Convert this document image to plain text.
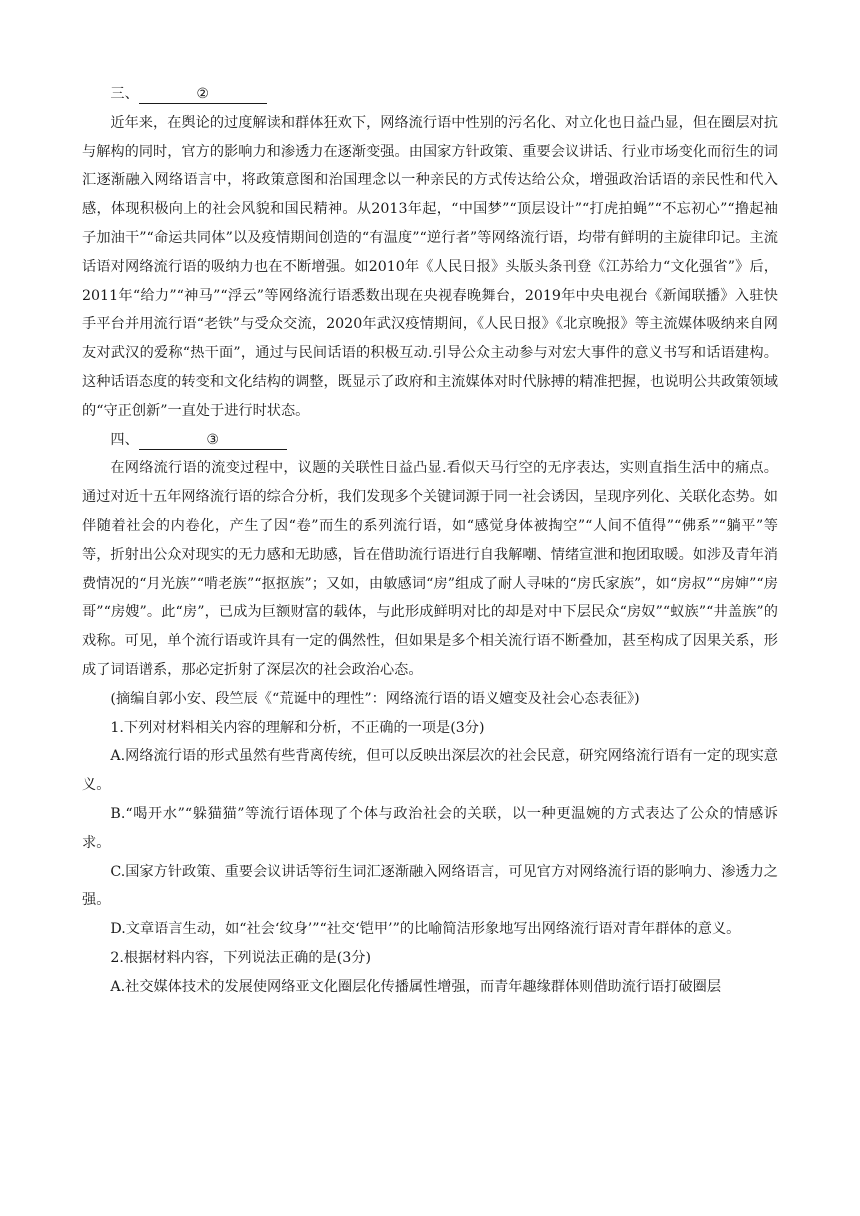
三、	②

近年来，在舆论的过度解读和群体狂欢下，网络流行语中性别的污名化、对立化也日益凸显，但在圈层对抗与解构的同时，官方的影响力和渗透力在逐渐变强。由国家方针政策、重要会议讲话、行业市场变化而衍生的词汇逐渐融入网络语言中，将政策意图和治国理念以一种亲民的方式传达给公众，增强政治话语的亲民性和代入感，体现积极向上的社会风貌和国民精神。从2013年起，“中国梦”“顶层设计”“打虎拍蝇”“不忘初心”“撸起袖子加油干”“命运共同体”以及疫情期间创造的“有温度”“逆行者”等网络流行语，均带有鲜明的主旋律印记。主流话语对网络流行语的吸纳力也在不断增强。如2010年《人民日报》头版头条刊登《江苏给力“文化强省”》后，2011年“给力”“神马”“浮云”等网络流行语悉数出现在央视春晚舞台，2019年中央电视台《新闻联播》入驻快手平台并用流行语“老铁”与受众交流，2020年武汉疫情期间，《人民日报》《北京晚报》等主流媒体吸纳来自网友对武汉的爱称“热干面”，通过与民间话语的积极互动.引导公众主动参与对宏大事件的意义书写和话语建构。这种话语态度的转变和文化结构的调整，既显示了政府和主流媒体对时代脉搏的精准把握，也说明公共政策领域的“守正创新”一直处于进行时状态。

四、	③

在网络流行语的流变过程中，议题的关联性日益凸显.看似天马行空的无序表达，实则直指生活中的痛点。通过对近十五年网络流行语的综合分析，我们发现多个关键词源于同一社会诱因，呈现序列化、关联化态势。如伴随着社会的内卷化，产生了因“卷”而生的系列流行语，如“感觉身体被掏空”“人间不值得”“佛系”“躺平”等等，折射出公众对现实的无力感和无助感，旨在借助流行语进行自我解嘲、情绪宣泄和抱团取暖。如涉及青年消费情况的“月光族”“啃老族”“抠抠族”；又如，由敏感词“房”组成了耐人寻味的“房氏家族”，如“房叔”“房婶”“房哥”“房嫂”。此“房”，已成为巨额财富的载体，与此形成鲜明对比的却是对中下层民众“房奴”“蚁族”“井盖族”的戏称。可见，单个流行语或许具有一定的偶然性，但如果是多个相关流行语不断叠加，甚至构成了因果关系，形成了词语谱系，那必定折射了深层次的社会政治心态。

(摘编自郭小安、段竺辰《“荒诞中的理性”：网络流行语的语义嬗变及社会心态表征》)

1.下列对材料相关内容的理解和分析，不正确的一项是(3分)

A.网络流行语的形式虽然有些背离传统，但可以反映出深层次的社会民意，研究网络流行语有一定的现实意义。

B.“喝开水”“躲猫猫”等流行语体现了个体与政治社会的关联，以一种更温婉的方式表达了公众的情感诉求。

C.国家方针政策、重要会议讲话等衍生词汇逐渐融入网络语言，可见官方对网络流行语的影响力、渗透力之强。

D.文章语言生动，如“社会‘纹身’”“社交‘铠甲’”的比喻简洁形象地写出网络流行语对青年群体的意义。

2.根据材料内容，下列说法正确的是(3分)

A.社交媒体技术的发展使网络亚文化圈层化传播属性增强，而青年趣缘群体则借助流行语打破圈层
